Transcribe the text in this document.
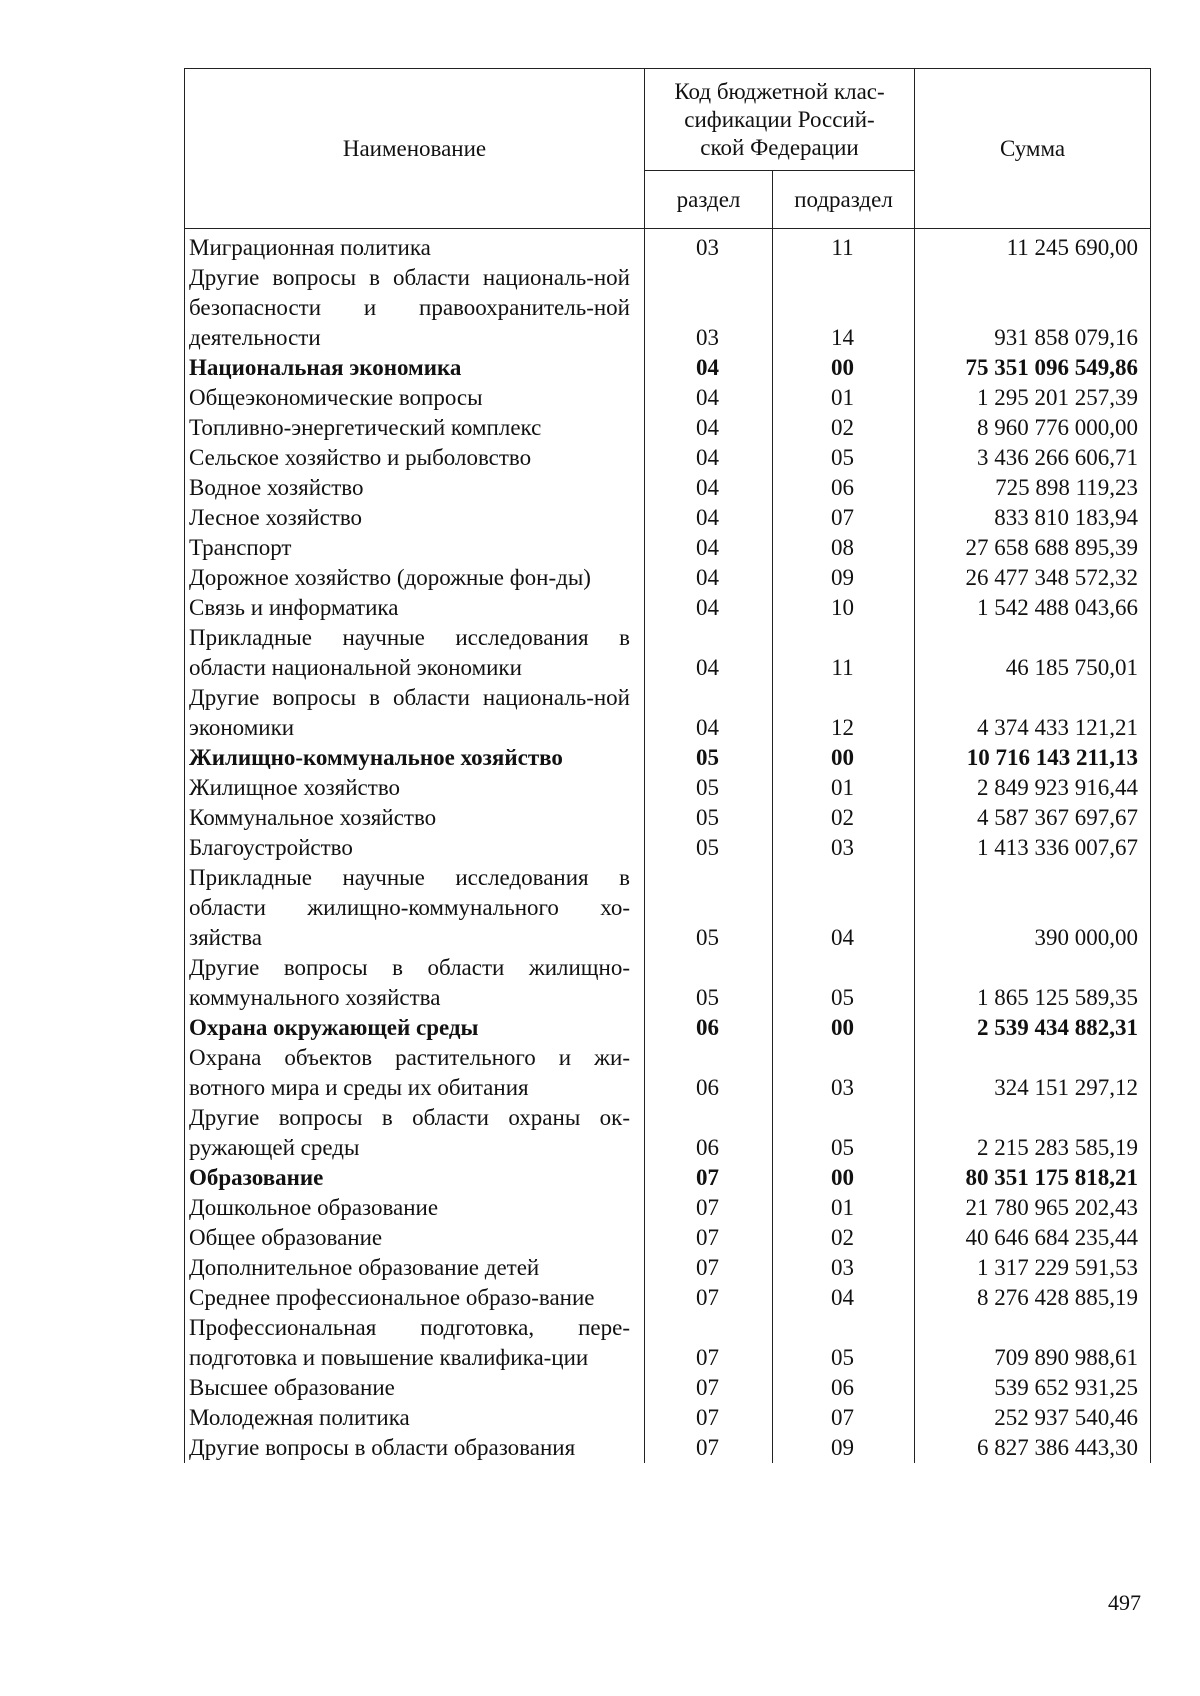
Наименование	Код бюджетной клас-
сификации Россий-
ской Федерации		Сумма
	раздел	подраздел	
Миграционная политика	03	11	11 245 690,00
Другие вопросы в области националь-ной безопасности и правоохранитель-ной деятельности	03	14	931 858 079,16
Национальная экономика	04	00	75 351 096 549,86
Общеэкономические вопросы	04	01	1 295 201 257,39
Топливно-энергетический комплекс	04	02	8 960 776 000,00
Сельское хозяйство и рыболовство	04	05	3 436 266 606,71
Водное хозяйство	04	06	725 898 119,23
Лесное хозяйство	04	07	833 810 183,94
Транспорт	04	08	27 658 688 895,39
Дорожное хозяйство (дорожные фон-ды)	04	09	26 477 348 572,32
Связь и информатика	04	10	1 542 488 043,66
Прикладные научные исследования в области национальной экономики	04	11	46 185 750,01
Другие вопросы в области националь-ной экономики	04	12	4 374 433 121,21
Жилищно-коммунальное хозяйство	05	00	10 716 143 211,13
Жилищное хозяйство	05	01	2 849 923 916,44
Коммунальное хозяйство	05	02	4 587 367 697,67
Благоустройство	05	03	1 413 336 007,67
Прикладные научные исследования в области жилищно-коммунального хо-зяйства	05	04	390 000,00
Другие вопросы в области жилищно-коммунального хозяйства	05	05	1 865 125 589,35
Охрана окружающей среды	06	00	2 539 434 882,31
Охрана объектов растительного и жи-вотного мира и среды их обитания	06	03	324 151 297,12
Другие вопросы в области охраны ок-ружающей среды	06	05	2 215 283 585,19
Образование	07	00	80 351 175 818,21
Дошкольное образование	07	01	21 780 965 202,43
Общее образование	07	02	40 646 684 235,44
Дополнительное образование детей	07	03	1 317 229 591,53
Среднее профессиональное образо-вание	07	04	8 276 428 885,19
Профессиональная подготовка, пере-подготовка и повышение квалифика-ции	07	05	709 890 988,61
Высшее образование	07	06	539 652 931,25
Молодежная политика	07	07	252 937 540,46
Другие вопросы в области образования	07	09	6 827 386 443,30
497
